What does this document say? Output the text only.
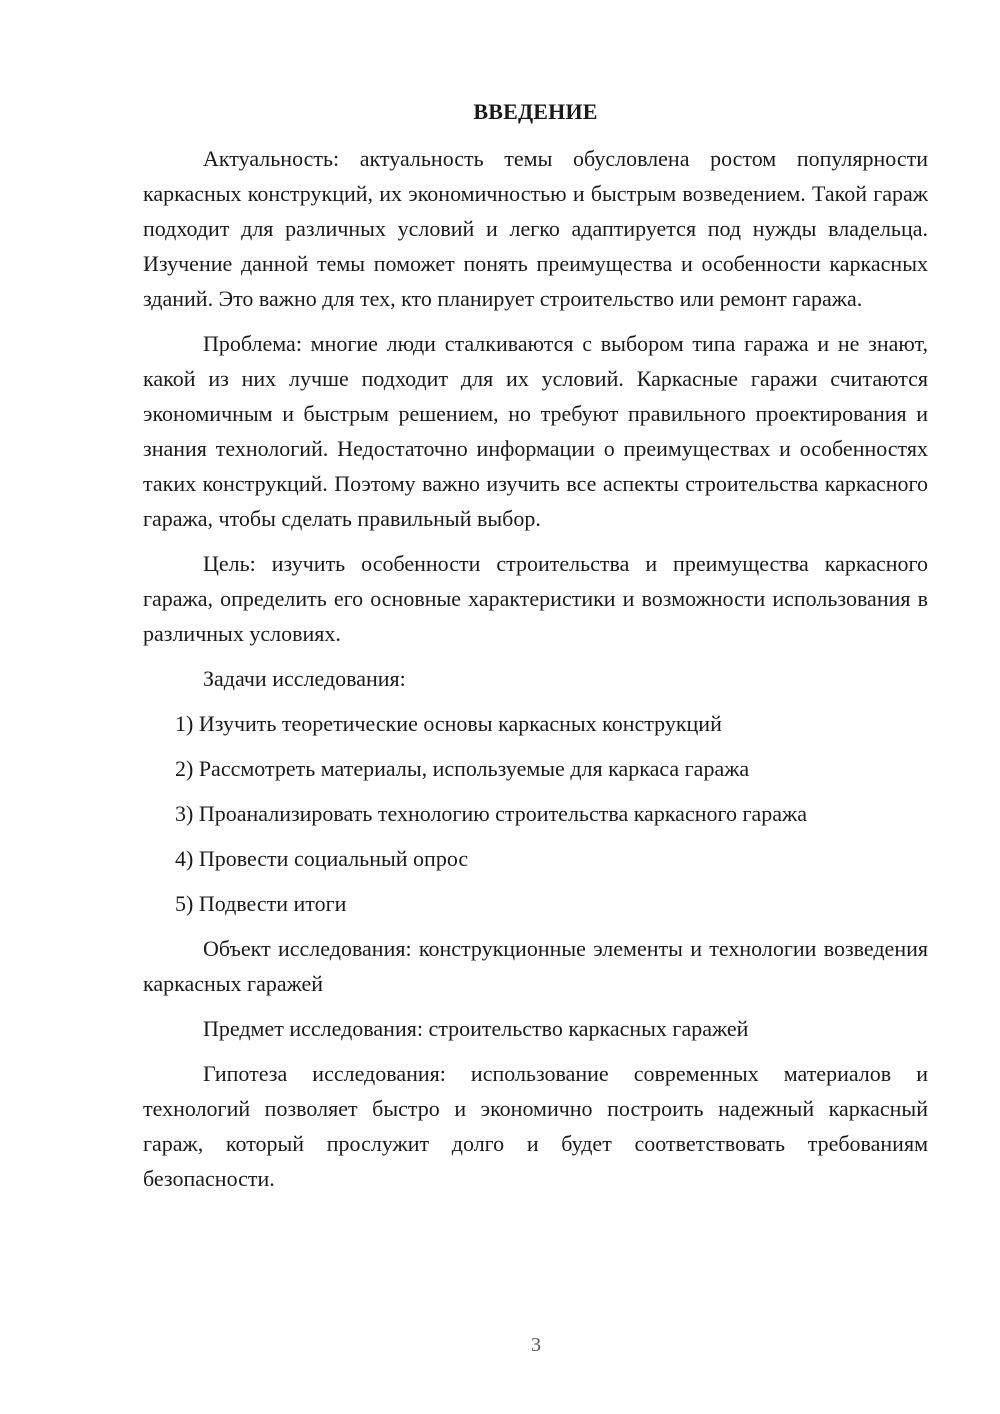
ВВЕДЕНИЕ

Актуальность: актуальность темы обусловлена ростом популярности каркасных конструкций, их экономичностью и быстрым возведением. Такой гараж подходит для различных условий и легко адаптируется под нужды владельца. Изучение данной темы поможет понять преимущества и особенности каркасных зданий. Это важно для тех, кто планирует строительство или ремонт гаража.

Проблема: многие люди сталкиваются с выбором типа гаража и не знают, какой из них лучше подходит для их условий. Каркасные гаражи считаются экономичным и быстрым решением, но требуют правильного проектирования и знания технологий. Недостаточно информации о преимуществах и особенностях таких конструкций. Поэтому важно изучить все аспекты строительства каркасного гаража, чтобы сделать правильный выбор.

Цель: изучить особенности строительства и преимущества каркасного гаража, определить его основные характеристики и возможности использования в различных условиях.

Задачи исследования:

1) Изучить теоретические основы каркасных конструкций
2) Рассмотреть материалы, используемые для каркаса гаража
3) Проанализировать технологию строительства каркасного гаража
4) Провести социальный опрос
5) Подвести итоги

Объект исследования: конструкционные элементы и технологии возведения каркасных гаражей

Предмет исследования: строительство каркасных гаражей

Гипотеза исследования: использование современных материалов и технологий позволяет быстро и экономично построить надежный каркасный гараж, который прослужит долго и будет соответствовать требованиям безопасности.

3
